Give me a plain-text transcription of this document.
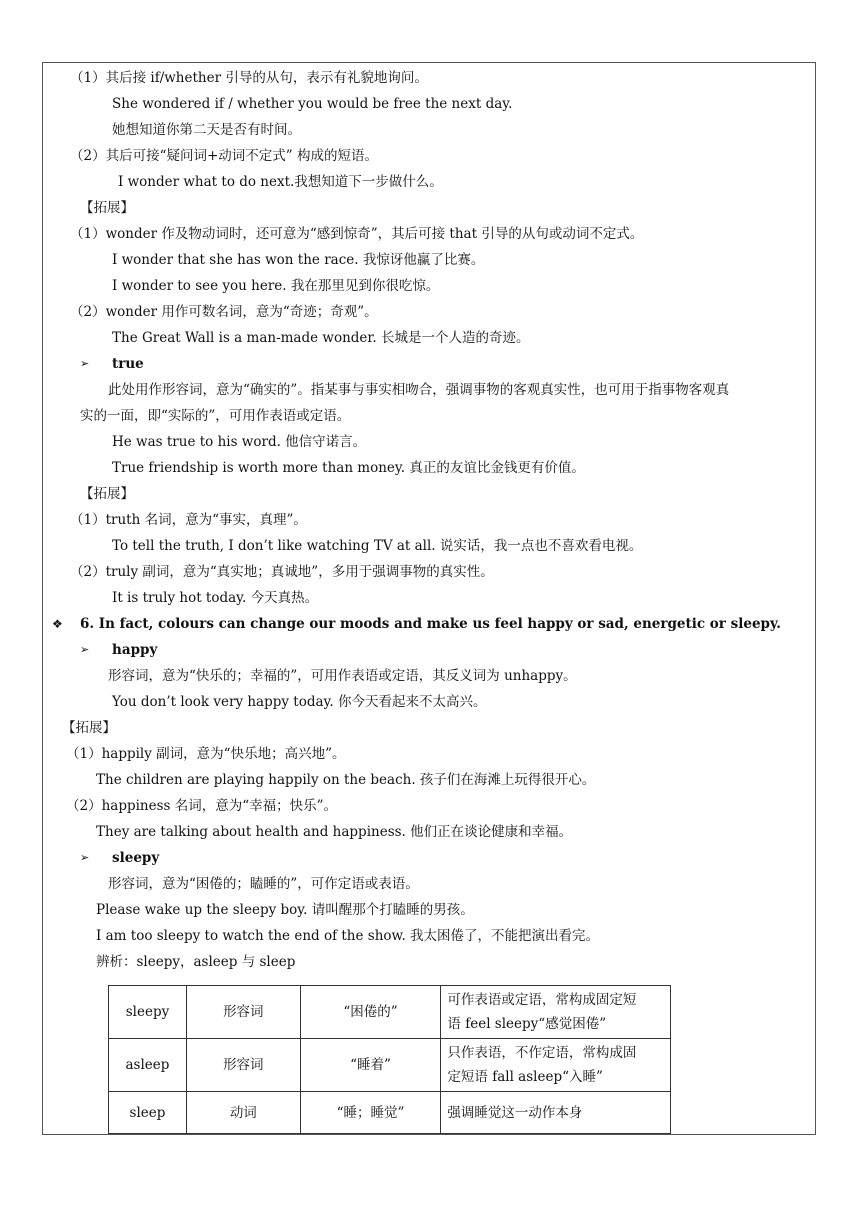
（1）其后接 if/whether 引导的从句，表示有礼貌地询问。
She wondered if / whether you would be free the next day.
她想知道你第二天是否有时间。
（2）其后可接“疑问词+动词不定式” 构成的短语。
I wonder what to do next.我想知道下一步做什么。
【拓展】
（1）wonder 作及物动词时，还可意为“感到惊奇”，其后可接 that 引导的从句或动词不定式。
I wonder that she has won the race. 我惊讶他赢了比赛。
I wonder to see you here. 我在那里见到你很吃惊。
（2）wonder 用作可数名词，意为“奇迹；奇观”。
The Great Wall is a man-made wonder. 长城是一个人造的奇迹。
➢ true
此处用作形容词，意为“确实的”。指某事与事实相吻合，强调事物的客观真实性，也可用于指事物客观真
实的一面，即“实际的”，可用作表语或定语。
He was true to his word. 他信守诺言。
True friendship is worth more than money. 真正的友谊比金钱更有价值。
【拓展】
（1）truth 名词，意为“事实，真理”。
To tell the truth, I don’t like watching TV at all. 说实话，我一点也不喜欢看电视。
（2）truly 副词，意为“真实地；真诚地”，多用于强调事物的真实性。
It is truly hot today. 今天真热。
❖ 6. In fact, colours can change our moods and make us feel happy or sad, energetic or sleepy.
➢ happy
形容词，意为“快乐的；幸福的”，可用作表语或定语，其反义词为 unhappy。
You don’t look very happy today. 你今天看起来不太高兴。
【拓展】
（1）happily 副词，意为“快乐地；高兴地”。
The children are playing happily on the beach. 孩子们在海滩上玩得很开心。
（2）happiness 名词，意为“幸福；快乐”。
They are talking about health and happiness. 他们正在谈论健康和幸福。
➢ sleepy
形容词，意为“困倦的；瞌睡的”，可作定语或表语。
Please wake up the sleepy boy. 请叫醒那个打瞌睡的男孩。
I am too sleepy to watch the end of the show. 我太困倦了，不能把演出看完。
辨析：sleepy，asleep 与 sleep
sleepy	形容词	“困倦的”	可作表语或定语，常构成固定短
语 feel sleepy“感觉困倦”
asleep	形容词	“睡着”	只作表语，不作定语，常构成固
定短语 fall asleep“入睡”
sleep	动词	“睡；睡觉”	强调睡觉这一动作本身
